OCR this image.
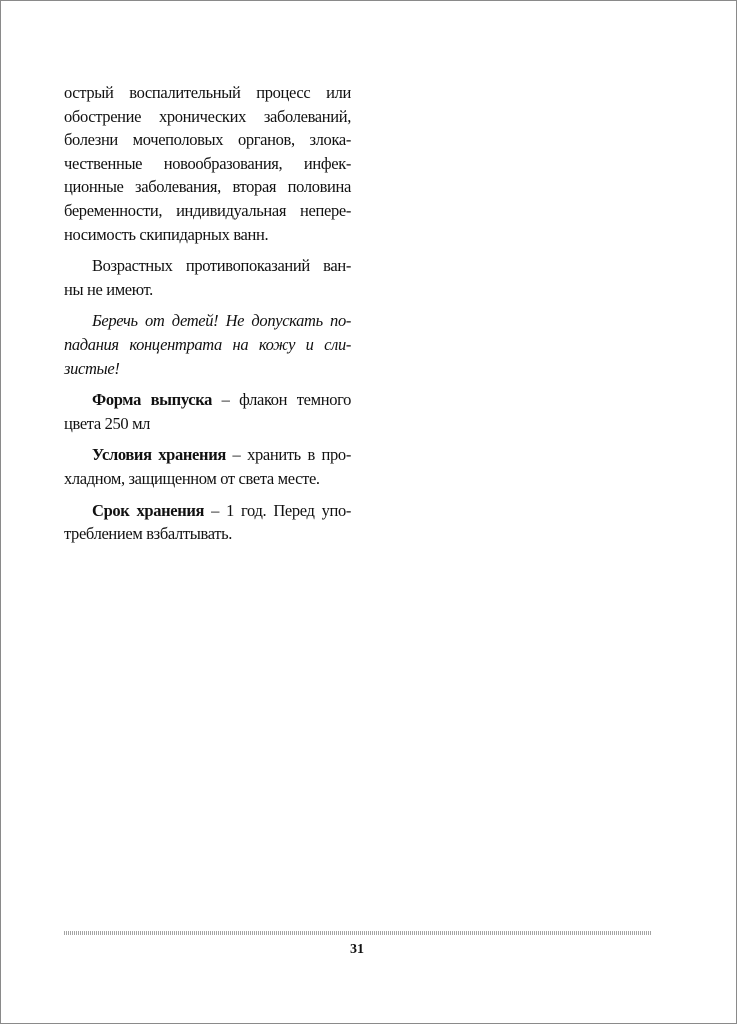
острый воспалительный процесс или
обострение хронических заболеваний,
болезни мочеполовых органов, злока-
чественные новообразования, инфек-
ционные заболевания, вторая половина
беременности, индивидуальная непере-
носимость скипидарных ванн.

Возрастных противопоказаний ван-
ны не имеют.

Беречь от детей! Не допускать по-
падания концентрата на кожу и сли-
зистые!

Форма выпуска – флакон темного
цвета 250 мл

Условия хранения – хранить в про-
хладном, защищенном от света месте.

Срок хранения – 1 год. Перед упо-
треблением взбалтывать.

31
